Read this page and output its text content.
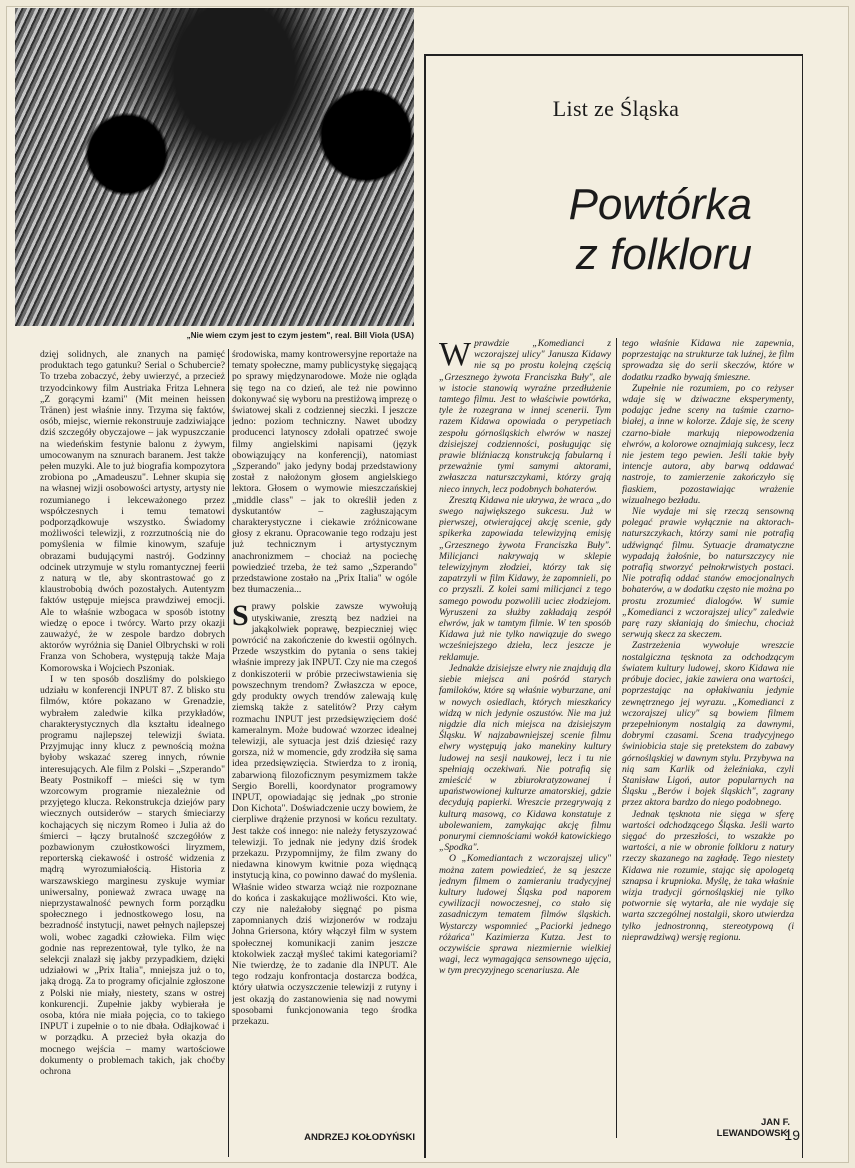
„Nie wiem czym jest to czym jestem", real. Bill Viola (USA)

dzięj solidnych, ale znanych na pamięć produktach tego gatunku? Serial o Schubercie? To trzeba zobaczyć, żeby uwierzyć, a przecież trzyodcinkowy film Austriaka Fritza Lehnera „Z gorącymi łzami" (Mit meinen heissen Tränen) jest właśnie inny. Trzyma się faktów, osób, miejsc, wiernie rekonstruuje zadziwiające dziś szczegóły obyczajowe – jak wypuszczanie na wiedeńskim festynie balonu z żywym, umocowanym na sznurach baranem. Jest także pełen muzyki. Ale to już biografia kompozytora zrobiona po „Amadeuszu". Lehner skupia się na własnej wizji osobowości artysty, artysty nie rozumianego i lekceważonego przez współczesnych i temu tematowi podporządkowuje wszystko. Świadomy możliwości telewizji, z rozrzutnością nie do pomyślenia w filmie kinowym, szafuje obrazami budującymi nastrój. Godzinny odcinek utrzymuje w stylu romantycznej feerii z naturą w tle, aby skontrastować go z klaustrobobią dwóch pozostałych. Autentyzm faktów ustępuje miejsca prawdziwej emocji. Ale to właśnie wzbogaca w sposób istotny wiedzę o epoce i twórcy. Warto przy okazji zauważyć, że w zespole bardzo dobrych aktorów wyróżnia się Daniel Olbrychski w roli Franza von Schobera, występują także Maja Komorowska i Wojciech Pszoniak.

I w ten sposób doszliśmy do polskiego udziału w konferencji INPUT 87. Z blisko stu filmów, które pokazano w Grenadzie, wybrałem zaledwie kilka przykładów, charakterystycznych dla kształtu idealnego programu najlepszej telewizji świata. Przyjmując inny klucz z pewnością można byłoby wskazać szereg innych, równie interesujących. Ale film z Polski – „Szperando" Beaty Postnikoff – mieści się w tym wzorcowym programie niezależnie od przyjętego klucza. Rekonstrukcja dziejów pary wiecznych outsiderów – starych śmieciarzy kochających się niczym Romeo i Julia aż do śmierci – łączy brutalność szczegółów z pozbawionym czułostkowości liryzmem, reporterską ciekawość i ostrość widzenia z mądrą wyrozumiałością. Historia z warszawskiego marginesu zyskuje wymiar uniwersalny, ponieważ zwraca uwagę na nieprzystawalność pewnych form porządku społecznego i jednostkowego losu, na bezradność instytucji, nawet pełnych najlepszej woli, wobec zagadki człowieka. Film więc godnie nas reprezentował, tyle tylko, że na selekcji znalazł się jakby przypadkiem, dzięki udziałowi w „Prix Italia", mniejsza już o to, jaką drogą. Za to programy oficjalnie zgłoszone z Polski nie miały, niestety, szans w ostrej konkurencji. Zupełnie jakby wybierała je osoba, która nie miała pojęcia, co to takiego INPUT i zupełnie o to nie dbała. Odłajkować i w porządku. A przecież była okazja do mocnego wejścia – mamy wartościowe dokumenty o problemach takich, jak choćby ochrona

środowiska, mamy kontrowersyjne reportaże na tematy społeczne, mamy publicystykę sięgającą po sprawy międzynarodowe. Może nie ogląda się tego na co dzień, ale też nie powinno dokonywać się wyboru na prestiżową imprezę o światowej skali z codziennej sieczki. I jeszcze jedno: poziom techniczny. Nawet ubodzy producenci latynoscy zdołali opatrzeć swoje filmy angielskimi napisami (język obowiązujący na konferencji), natomiast „Szperando" jako jedyny bodaj przedstawiony został z nałożonym głosem angielskiego lektora. Głosem o wymowie mieszczańskiej „middle class" – jak to określił jeden z dyskutantów – zagłuszającym charakterystyczne i ciekawie zróżnicowane głosy z ekranu. Opracowanie tego rodzaju jest już technicznym i artystycznym anachronizmem – chociaż na pociechę powiedzieć trzeba, że też samo „Szperando" przedstawione zostało na „Prix Italia" w ogóle bez tłumaczenia...

Sprawy polskie zawsze wywołują utyskiwanie, zresztą bez nadziei na jakąkolwiek poprawę, bezpieczniej więc powrócić na zakończenie do kwestii ogólnych. Przede wszystkim do pytania o sens takiej właśnie imprezy jak INPUT. Czy nie ma czegoś z donkiszoterii w próbie przeciwstawienia się powszechnym trendom? Zwłaszcza w epoce, gdy produkty owych trendów zalewają kulę ziemską także z satelitów? Przy całym rozmachu INPUT jest przedsięwzięciem dość kameralnym. Może budować wzorzec idealnej telewizji, ale sytuacja jest dziś dziesięć razy gorsza, niż w momencie, gdy zrodziła się sama idea przedsięwzięcia. Stwierdza to z ironią, zabarwioną filozoficznym pesymizmem także Sergio Borelli, koordynator programowy INPUT, opowiadając się jednak „po stronie Don Kichota". Doświadczenie uczy bowiem, że cierpliwe drążenie przynosi w końcu rezultaty. Jest także coś innego: nie należy fetyszyzować telewizji. To jednak nie jedyny dziś środek przekazu. Przypomnijmy, że film zwany do niedawna kinowym kwitnie poza więdnącą instytucją kina, co powinno dawać do myślenia. Właśnie wideo stwarza wciąż nie rozpoznane do końca i zaskakujące możliwości. Kto wie, czy nie należałoby sięgnąć po pisma zapomnianych dziś wizjonerów w rodzaju Johna Griersona, który włączył film w system społecznej komunikacji zanim jeszcze ktokolwiek zaczął myśleć takimi kategoriami? Nie twierdzę, że to zadanie dla INPUT. Ale tego rodzaju konfrontacja dostarcza bodźca, który ułatwia oczyszczenie telewizji z rutyny i jest okazją do zastanowienia się nad nowymi sposobami funkcjonowania tego środka przekazu.

ANDRZEJ KOŁODYŃSKI
List ze Śląska
Powtórka
z folkloru

Wprawdzie „Komedianci z wczorajszej ulicy" Janusza Kidawy nie są po prostu kolejną częścią „Grzesznego żywota Franciszka Buły", ale w istocie stanowią wyraźne przedłużenie tamtego filmu. Jest to właściwie powtórka, tyle że rozegrana w innej scenerii. Tym razem Kidawa opowiada o perypetiach zespołu górnośląskich elwrów w naszej dzisiejszej codzienności, posługując się prawie bliźniaczą konstrukcją fabularną i przeważnie tymi samymi aktorami, zwłaszcza naturszczykami, którzy grają nieco innych, lecz podobnych bohaterów.

Zresztą Kidawa nie ukrywa, że wraca „do swego największego sukcesu. Już w pierwszej, otwierającej akcję scenie, gdy spikerka zapowiada telewizyjną emisję „Grzesznego żywota Franciszka Buły". Milicjanci nakrywają w sklepie telewizyjnym złodziei, którzy tak się zapatrzyli w film Kidawy, że zapomnieli, po co przyszli. Z kolei sami milicjanci z tego samego powodu pozwolili uciec złodziejom. Wyruszeni za służby zakładają zespół elwrów, jak w tamtym filmie. W ten sposób Kidawa już nie tylko nawiązuje do swego wcześniejszego dzieła, lecz jeszcze je reklamuje.

Jednakże dzisiejsze elwry nie znajdują dla siebie miejsca ani pośród starych familoków, które są właśnie wyburzane, ani w nowych osiedlach, których mieszkańcy widzą w nich jedynie oszustów. Nie ma już nigdzie dla nich miejsca na dzisiejszym Śląsku. W najzabawniejszej scenie filmu elwry występują jako manekiny kultury ludowej na sesji naukowej, lecz i tu nie spełniają oczekiwań. Nie potrafią się zmieścić w zbiurokratyzowanej i upaństwowionej kulturze amatorskiej, gdzie decydują papierki. Wreszcie przegrywają z kulturą masową, co Kidawa konstatuje z ubolewaniem, zamykając akcję filmu ponurymi ciemnościami wokół katowickiego „Spodka".

O „Komediantach z wczorajszej ulicy" można zatem powiedzieć, że są jeszcze jednym filmem o zamieraniu tradycyjnej kultury ludowej Śląska pod naporem cywilizacji nowoczesnej, co stało się zasadniczym tematem filmów śląskich. Wystarczy wspomnieć „Paciorki jednego różańca" Kazimierza Kutza. Jest to oczywiście sprawa niezmiernie wielkiej wagi, lecz wymagająca sensownego ujęcia, w tym precyzyjnego scenariusza. Ale

tego właśnie Kidawa nie zapewnia, poprzestając na strukturze tak luźnej, że film sprowadza się do serii skeczów, które w dodatku rzadko bywają śmieszne.

Zupełnie nie rozumiem, po co reżyser wdaje się w dziwaczne eksperymenty, podając jedne sceny na taśmie czarno-białej, a inne w kolorze. Zdaje się, że sceny czarno-białe markują niepowodzenia elwrów, a kolorowe oznajmiają sukcesy, lecz nie jestem tego pewien. Jeśli takie były intencje autora, aby barwą oddawać nastroje, to zamierzenie zakończyło się fiaskiem, pozostawiając wrażenie wizualnego bezładu.

Nie wydaje mi się rzeczą sensowną polegać prawie wyłącznie na aktorach-naturszczykach, którzy sami nie potrafią udźwignąć filmu. Sytuacje dramatyczne wypadają żałośnie, bo naturszczycy nie potrafią stworzyć pełnokrwistych postaci. Nie potrafią oddać stanów emocjonalnych bohaterów, a w dodatku często nie można po prostu zrozumieć dialogów. W sumie „Komedianci z wczorajszej ulicy" zaledwie parę razy skłaniają do śmiechu, chociaż serwują skecz za skeczem.

Zastrzeżenia wywołuje wreszcie nostalgiczna tęsknota za odchodzącym światem kultury ludowej, skoro Kidawa nie próbuje dociec, jakie zawiera ona wartości, poprzestając na opłakiwaniu jedynie zewnętrznego jej wyrazu. „Komedianci z wczorajszej ulicy" są bowiem filmem przepełnionym nostalgią za dawnymi, dobrymi czasami. Scena tradycyjnego świniobicia staje się pretekstem do zabawy górnośląskiej w dawnym stylu. Przybywa na nią sam Karlik od żeleźniaka, czyli Stanisław Ligoń, autor popularnych na Śląsku „Berów i bojek śląskich", zagrany przez aktora bardzo do niego podobnego.

Jednak tęsknota nie sięga w sferę wartości odchodzącego Śląska. Jeśli warto sięgać do przeszłości, to wszakże po wartości, a nie w obronie folkloru z natury rzeczy skazanego na zagładę. Tego niestety Kidawa nie rozumie, stając się apologetą sznapsa i krupnioka. Myślę, że taka właśnie wizja tradycji górnośląskiej nie tylko potwornie się wytarła, ale nie wydaje się warta szczególnej nostalgii, skoro utwierdza tylko jednostronną, stereotypową (i nieprawdziwą) wersję regionu.

JAN F. LEWANDOWSKI
19
